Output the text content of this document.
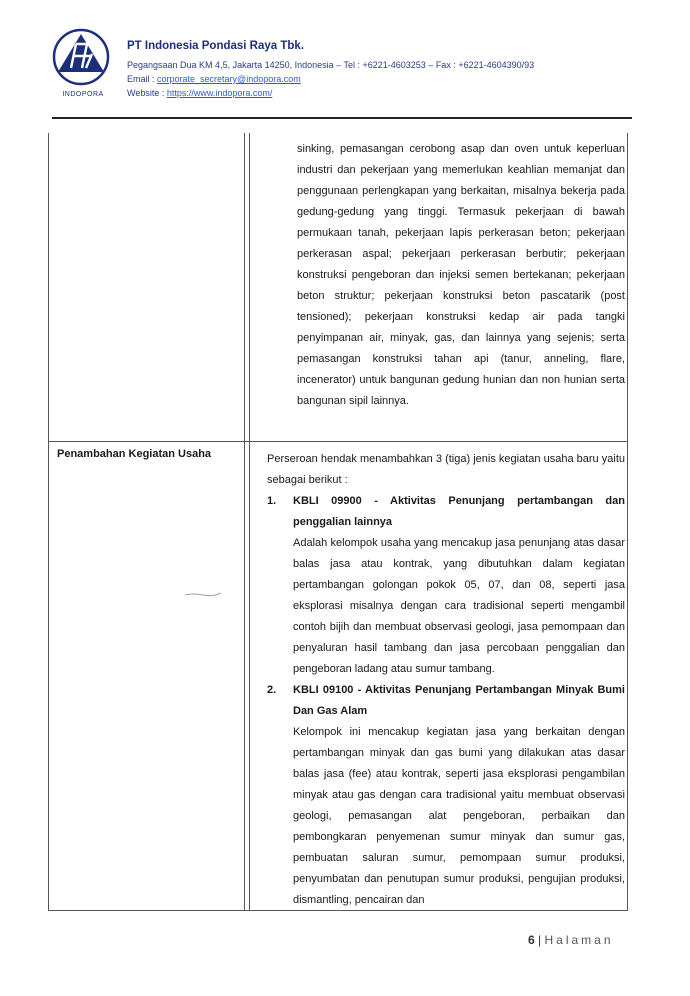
INDOPORA
PT Indonesia Pondasi Raya Tbk.
Pegangsaan Dua KM 4,5, Jakarta 14250, Indonesia – Tel : +6221-4603253 – Fax : +6221-4604390/93
Email : corporate_secretary@indopora.com
Website : https://www.indopora.com/
sinking, pemasangan cerobong asap dan oven untuk keperluan industri dan pekerjaan yang memerlukan keahlian memanjat dan penggunaan perlengkapan yang berkaitan, misalnya bekerja pada gedung-gedung yang tinggi. Termasuk pekerjaan di bawah permukaan tanah, pekerjaan lapis perkerasan beton; pekerjaan perkerasan aspal; pekerjaan perkerasan berbutir; pekerjaan konstruksi pengeboran dan injeksi semen bertekanan; pekerjaan beton struktur; pekerjaan konstruksi beton pascatarik (post tensioned); pekerjaan konstruksi kedap air pada tangki penyimpanan air, minyak, gas, dan lainnya yang sejenis; serta pemasangan konstruksi tahan api (tanur, anneling, flare, incenerator) untuk bangunan gedung hunian dan non hunian serta bangunan sipil lainnya.
Penambahan Kegiatan Usaha	Perseroan hendak menambahkan 3 (tiga) jenis kegiatan usaha baru yaitu sebagai berikut :
1. KBLI 09900 - Aktivitas Penunjang pertambangan dan penggalian lainnya
Adalah kelompok usaha yang mencakup jasa penunjang atas dasar balas jasa atau kontrak, yang dibutuhkan dalam kegiatan pertambangan golongan pokok 05, 07, dan 08, seperti jasa eksplorasi misalnya dengan cara tradisional seperti mengambil contoh bijih dan membuat observasi geologi, jasa pemompaan dan penyaluran hasil tambang dan jasa percobaan penggalian dan pengeboran ladang atau sumur tambang.
2. KBLI 09100 - Aktivitas Penunjang Pertambangan Minyak Bumi Dan Gas Alam
Kelompok ini mencakup kegiatan jasa yang berkaitan dengan pertambangan minyak dan gas bumi yang dilakukan atas dasar balas jasa (fee) atau kontrak, seperti jasa eksplorasi pengambilan minyak atau gas dengan cara tradisional yaitu membuat observasi geologi, pemasangan alat pengeboran, perbaikan dan pembongkaran penyemenan sumur minyak dan sumur gas, pembuatan saluran sumur, pemompaan sumur produksi, penyumbatan dan penutupan sumur produksi, pengujian produksi, dismantling, pencairan dan
6 | Halaman
